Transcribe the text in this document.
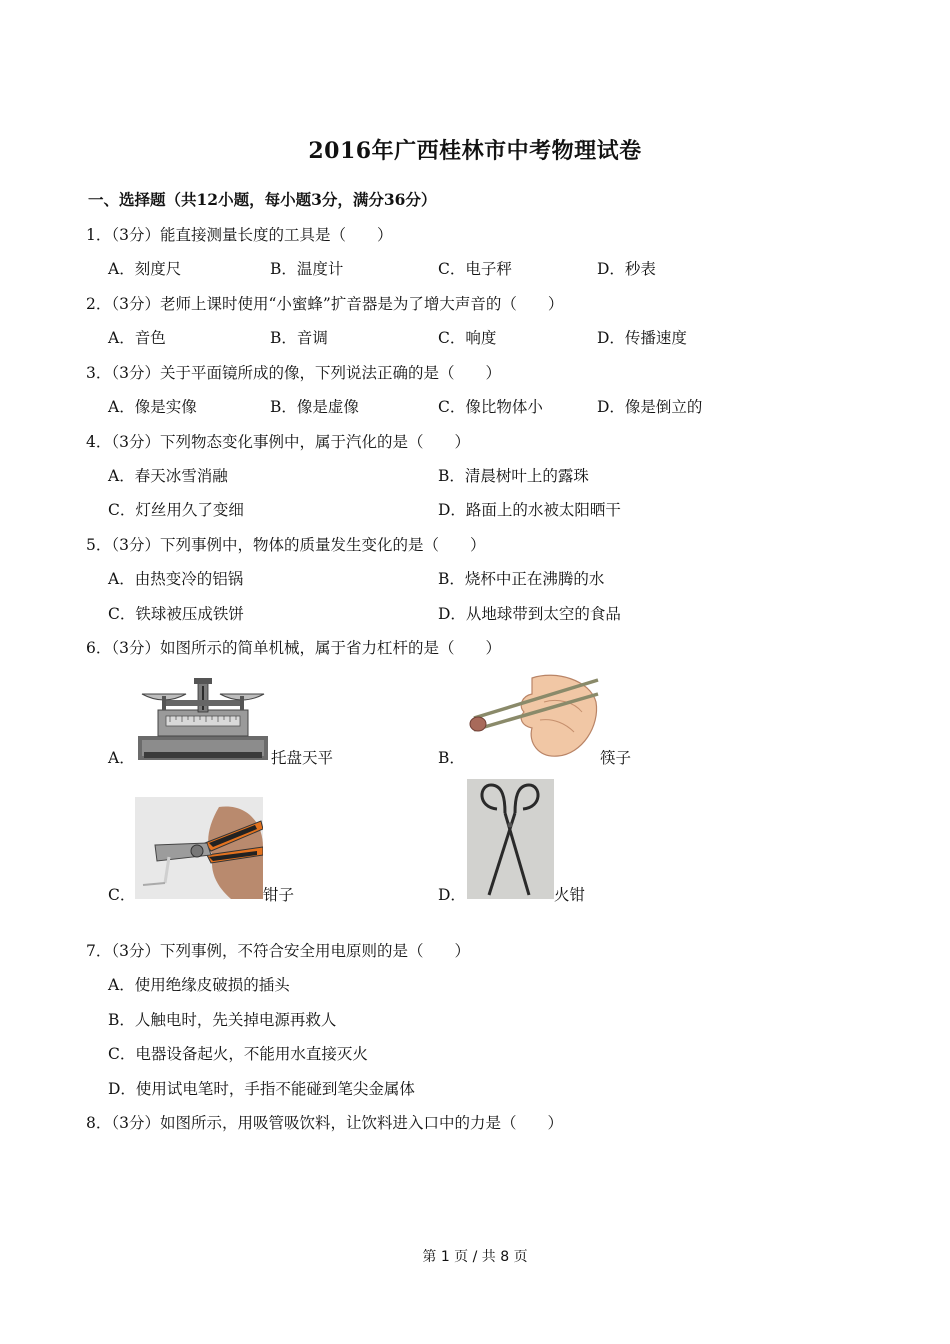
2016年广西桂林市中考物理试卷
一、选择题（共12小题，每小题3分，满分36分）
1．（3分）能直接测量长度的工具是（　　）
A．刻度尺	B．温度计	C．电子秤	D．秒表
2．（3分）老师上课时使用“小蜜蜂”扩音器是为了增大声音的（　　）
A．音色	B．音调	C．响度	D．传播速度
3．（3分）关于平面镜所成的像，下列说法正确的是（　　）
A．像是实像	B．像是虚像	C．像比物体小	D．像是倒立的
4．（3分）下列物态变化事例中，属于汽化的是（　　）
A．春天冰雪消融	B．清晨树叶上的露珠
C．灯丝用久了变细	D．路面上的水被太阳晒干
5．（3分）下列事例中，物体的质量发生变化的是（　　）
A．由热变冷的铝锅	B．烧杯中正在沸腾的水
C．铁球被压成铁饼	D．从地球带到太空的食品
6．（3分）如图所示的简单机械，属于省力杠杆的是（　　）
A．	托盘天平	B．	筷子
C．	钳子	D．	火钳
7．（3分）下列事例，不符合安全用电原则的是（　　）
A．使用绝缘皮破损的插头
B．人触电时，先关掉电源再救人
C．电器设备起火，不能用水直接灭火
D．使用试电笔时，手指不能碰到笔尖金属体
8．（3分）如图所示，用吸管吸饮料，让饮料进入口中的力是（　　）
第 1 页 / 共 8 页
